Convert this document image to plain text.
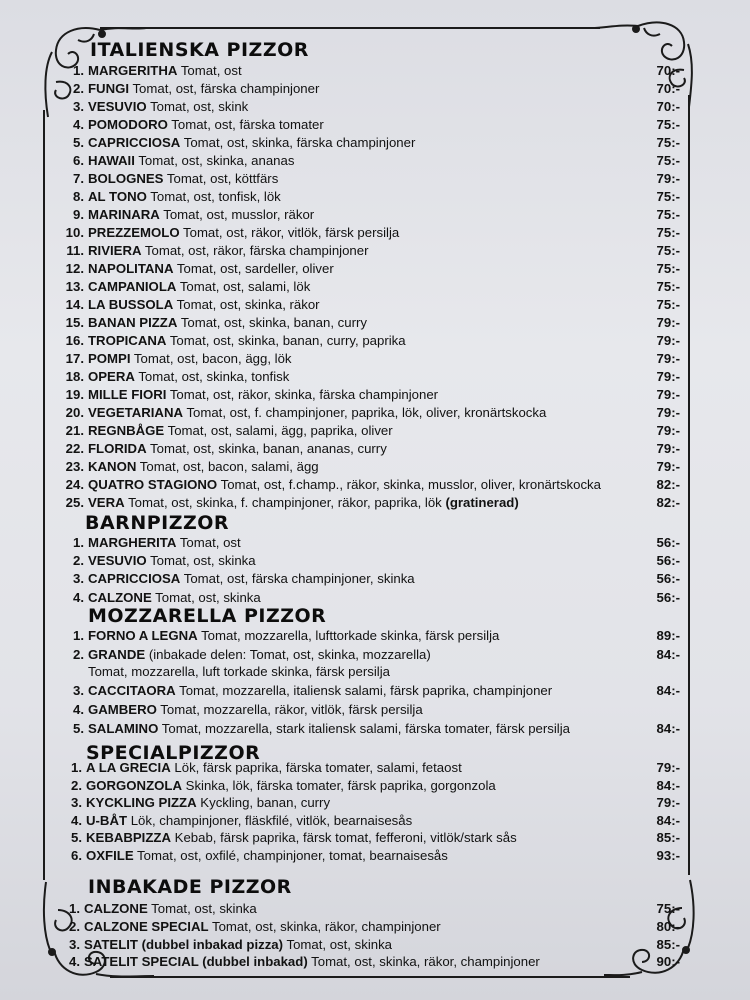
ITALIENSKA PIZZOR
1. MARGERITHA Tomat, ost	70:-
2. FUNGI Tomat, ost, färska champinjoner	70:-
3. VESUVIO Tomat, ost, skink	70:-
4. POMODORO Tomat, ost, färska tomater	75:-
5. CAPRICCIOSA Tomat, ost, skinka, färska champinjoner	75:-
6. HAWAII Tomat, ost, skinka, ananas	75:-
7. BOLOGNES Tomat, ost, köttfärs	79:-
8. AL TONO Tomat, ost, tonfisk, lök	75:-
9. MARINARA Tomat, ost, musslor, räkor	75:-
10. PREZZEMOLO Tomat, ost, räkor, vitlök, färsk persilja	75:-
11. RIVIERA Tomat, ost, räkor, färska champinjoner	75:-
12. NAPOLITANA Tomat, ost, sardeller, oliver	75:-
13. CAMPANIOLA Tomat, ost, salami, lök	75:-
14. LA BUSSOLA Tomat, ost, skinka, räkor	75:-
15. BANAN PIZZA Tomat, ost, skinka, banan, curry	79:-
16. TROPICANA Tomat, ost, skinka, banan, curry, paprika	79:-
17. POMPI Tomat, ost, bacon, ägg, lök	79:-
18. OPERA Tomat, ost, skinka, tonfisk	79:-
19. MILLE FIORI Tomat, ost, räkor, skinka, färska champinjoner	79:-
20. VEGETARIANA Tomat, ost, f. champinjoner, paprika, lök, oliver, kronärtskocka	79:-
21. REGNBÅGE Tomat, ost, salami, ägg, paprika, oliver	79:-
22. FLORIDA Tomat, ost, skinka, banan, ananas, curry	79:-
23. KANON Tomat, ost, bacon, salami, ägg	79:-
24. QUATRO STAGIONO Tomat, ost, f.champ., räkor, skinka, musslor, oliver, kronärtskocka	82:-
25. VERA Tomat, ost, skinka, f. champinjoner, räkor, paprika, lök (gratinerad)	82:-
BARNPIZZOR
1. MARGHERITA Tomat, ost	56:-
2. VESUVIO Tomat, ost, skinka	56:-
3. CAPRICCIOSA Tomat, ost, färska champinjoner, skinka	56:-
4. CALZONE Tomat, ost, skinka	56:-
MOZZARELLA PIZZOR
1. FORNO A LEGNA Tomat, mozzarella, lufttorkade skinka, färsk persilja	89:-
2. GRANDE (inbakade delen: Tomat, ost, skinka, mozzarella)	84:-
Tomat, mozzarella, luft torkade skinka, färsk persilja
3. CACCITAORA Tomat, mozzarella, italiensk salami, färsk paprika, champinjoner	84:-
4. GAMBERO Tomat, mozzarella, räkor, vitlök, färsk persilja
5. SALAMINO Tomat, mozzarella, stark italiensk salami, färska tomater, färsk persilja	84:-
SPECIALPIZZOR
1. A LA GRECIA Lök, färsk paprika, färska tomater, salami, fetaost	79:-
2. GORGONZOLA Skinka, lök, färska tomater, färsk paprika, gorgonzola	84:-
3. KYCKLING PIZZA Kyckling, banan, curry	79:-
4. U-BÅT Lök, champinjoner, fläskfilé, vitlök, bearnaisesås	84:-
5. KEBABPIZZA Kebab, färsk paprika, färsk tomat, fefferoni, vitlök/stark sås	85:-
6. OXFILE Tomat, ost, oxfilé, champinjoner, tomat, bearnaisesås	93:-
INBAKADE PIZZOR
1. CALZONE Tomat, ost, skinka	75:-
2. CALZONE SPECIAL Tomat, ost, skinka, räkor, champinjoner	80:-
3. SATELIT (dubbel inbakad pizza) Tomat, ost, skinka	85:-
4. SATELIT SPECIAL (dubbel inbakad) Tomat, ost, skinka, räkor, champinjoner	90:-
